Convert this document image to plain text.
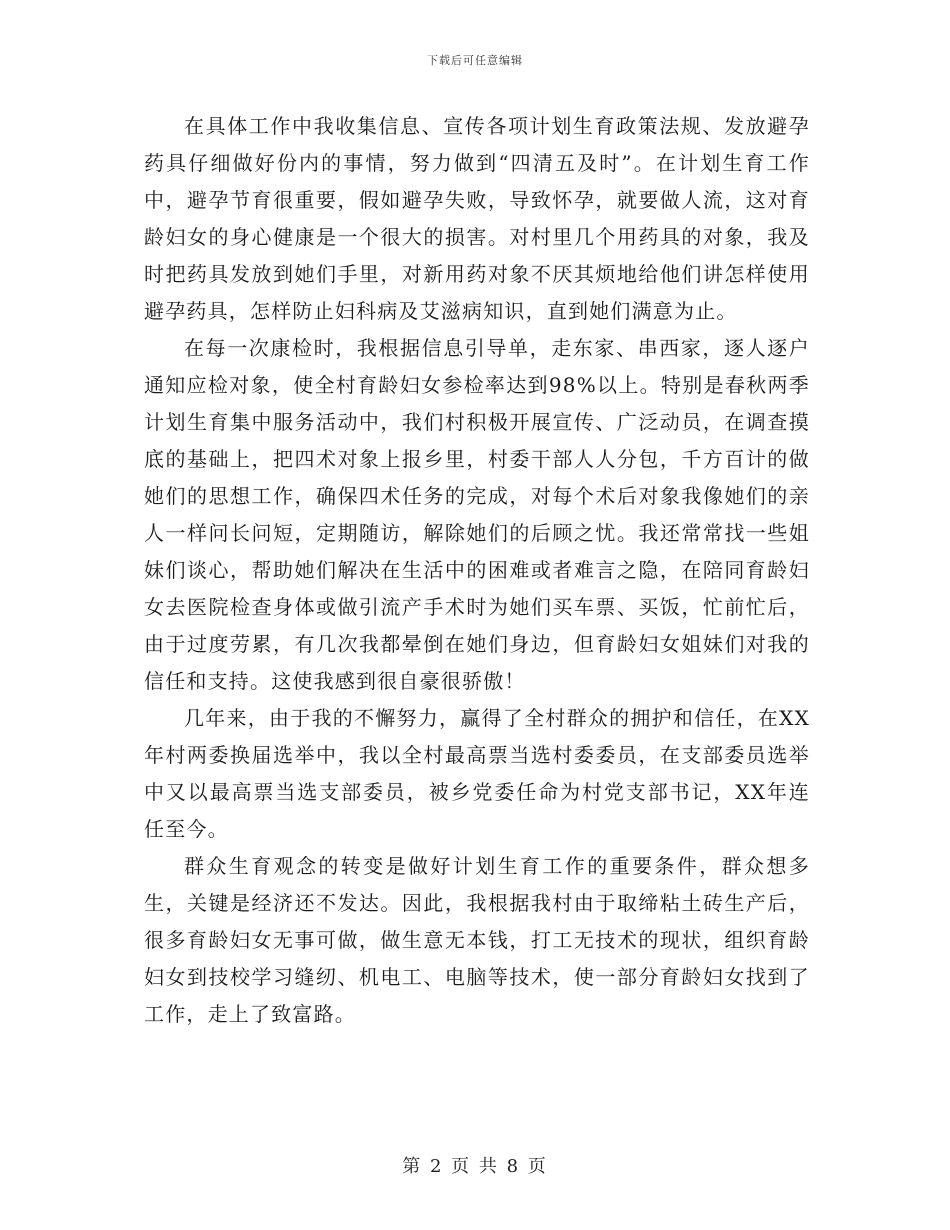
下载后可任意编辑

在具体工作中我收集信息、宣传各项计划生育政策法规、发放避孕药具仔细做好份内的事情，努力做到“四清五及时”。在计划生育工作中，避孕节育很重要，假如避孕失败，导致怀孕，就要做人流，这对育龄妇女的身心健康是一个很大的损害。对村里几个用药具的对象，我及时把药具发放到她们手里，对新用药对象不厌其烦地给他们讲怎样使用避孕药具，怎样防止妇科病及艾滋病知识，直到她们满意为止。

在每一次康检时，我根据信息引导单，走东家、串西家，逐人逐户通知应检对象，使全村育龄妇女参检率达到98%以上。特别是春秋两季计划生育集中服务活动中，我们村积极开展宣传、广泛动员，在调查摸底的基础上，把四术对象上报乡里，村委干部人人分包，千方百计的做她们的思想工作，确保四术任务的完成，对每个术后对象我像她们的亲人一样问长问短，定期随访，解除她们的后顾之忧。我还常常找一些姐妹们谈心，帮助她们解决在生活中的困难或者难言之隐，在陪同育龄妇女去医院检查身体或做引流产手术时为她们买车票、买饭，忙前忙后，由于过度劳累，有几次我都晕倒在她们身边，但育龄妇女姐妹们对我的信任和支持。这使我感到很自豪很骄傲！

几年来，由于我的不懈努力，赢得了全村群众的拥护和信任，在XX年村两委换届选举中，我以全村最高票当选村委委员，在支部委员选举中又以最高票当选支部委员，被乡党委任命为村党支部书记，XX年连任至今。

群众生育观念的转变是做好计划生育工作的重要条件，群众想多生，关键是经济还不发达。因此，我根据我村由于取缔粘土砖生产后，很多育龄妇女无事可做，做生意无本钱，打工无技术的现状，组织育龄妇女到技校学习缝纫、机电工、电脑等技术，使一部分育龄妇女找到了工作，走上了致富路。

第 2 页 共 8 页
